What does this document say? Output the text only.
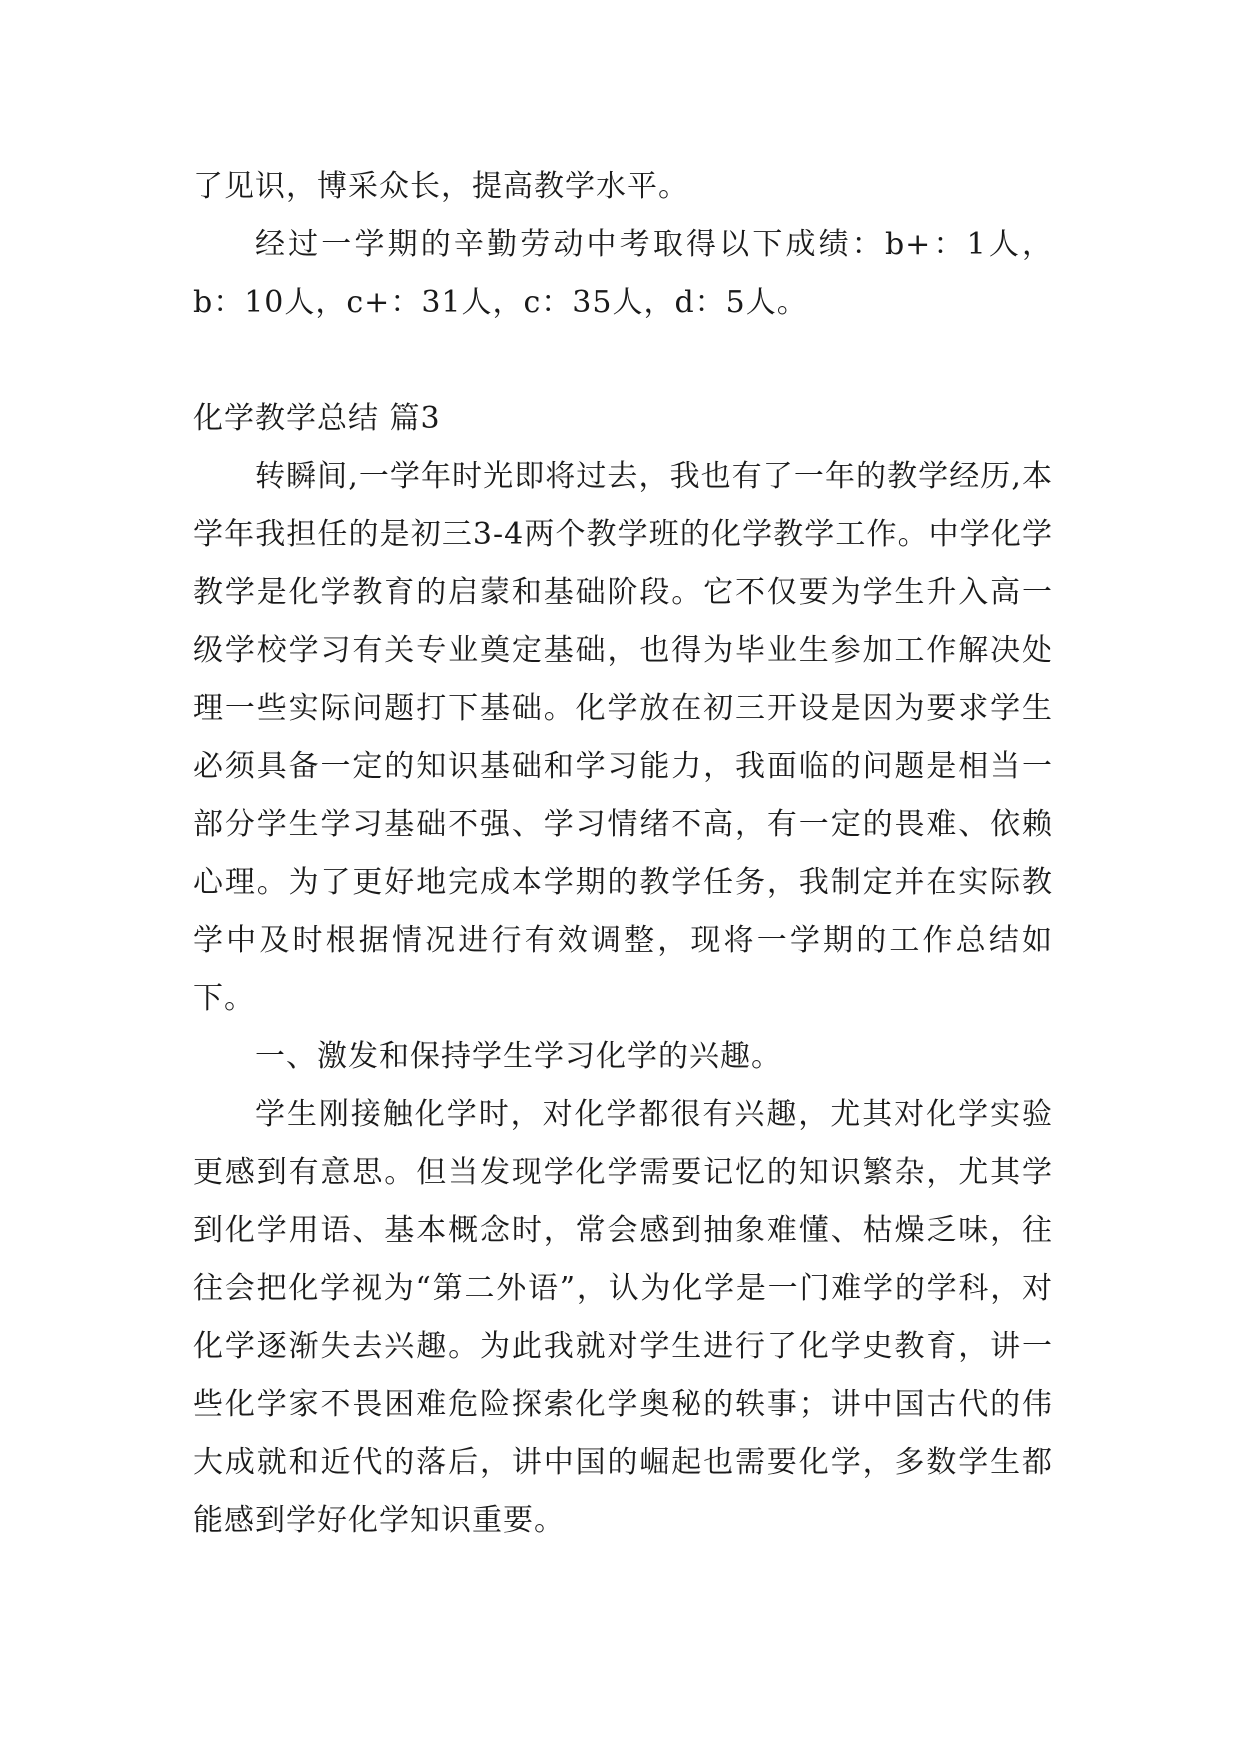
了见识，博采众长，提高教学水平。

经过一学期的辛勤劳动中考取得以下成绩：b+：1人，b：10人，c+：31人，c：35人，d：5人。

化学教学总结 篇3

转瞬间,一学年时光即将过去，我也有了一年的教学经历,本学年我担任的是初三3-4两个教学班的化学教学工作。中学化学教学是化学教育的启蒙和基础阶段。它不仅要为学生升入高一级学校学习有关专业奠定基础，也得为毕业生参加工作解决处理一些实际问题打下基础。化学放在初三开设是因为要求学生必须具备一定的知识基础和学习能力，我面临的问题是相当一部分学生学习基础不强、学习情绪不高，有一定的畏难、依赖心理。为了更好地完成本学期的教学任务，我制定并在实际教学中及时根据情况进行有效调整，现将一学期的工作总结如下。

一、激发和保持学生学习化学的兴趣。

学生刚接触化学时，对化学都很有兴趣，尤其对化学实验更感到有意思。但当发现学化学需要记忆的知识繁杂，尤其学到化学用语、基本概念时，常会感到抽象难懂、枯燥乏味，往往会把化学视为“第二外语”，认为化学是一门难学的学科，对化学逐渐失去兴趣。为此我就对学生进行了化学史教育，讲一些化学家不畏困难危险探索化学奥秘的轶事；讲中国古代的伟大成就和近代的落后，讲中国的崛起也需要化学，多数学生都能感到学好化学知识重要。
